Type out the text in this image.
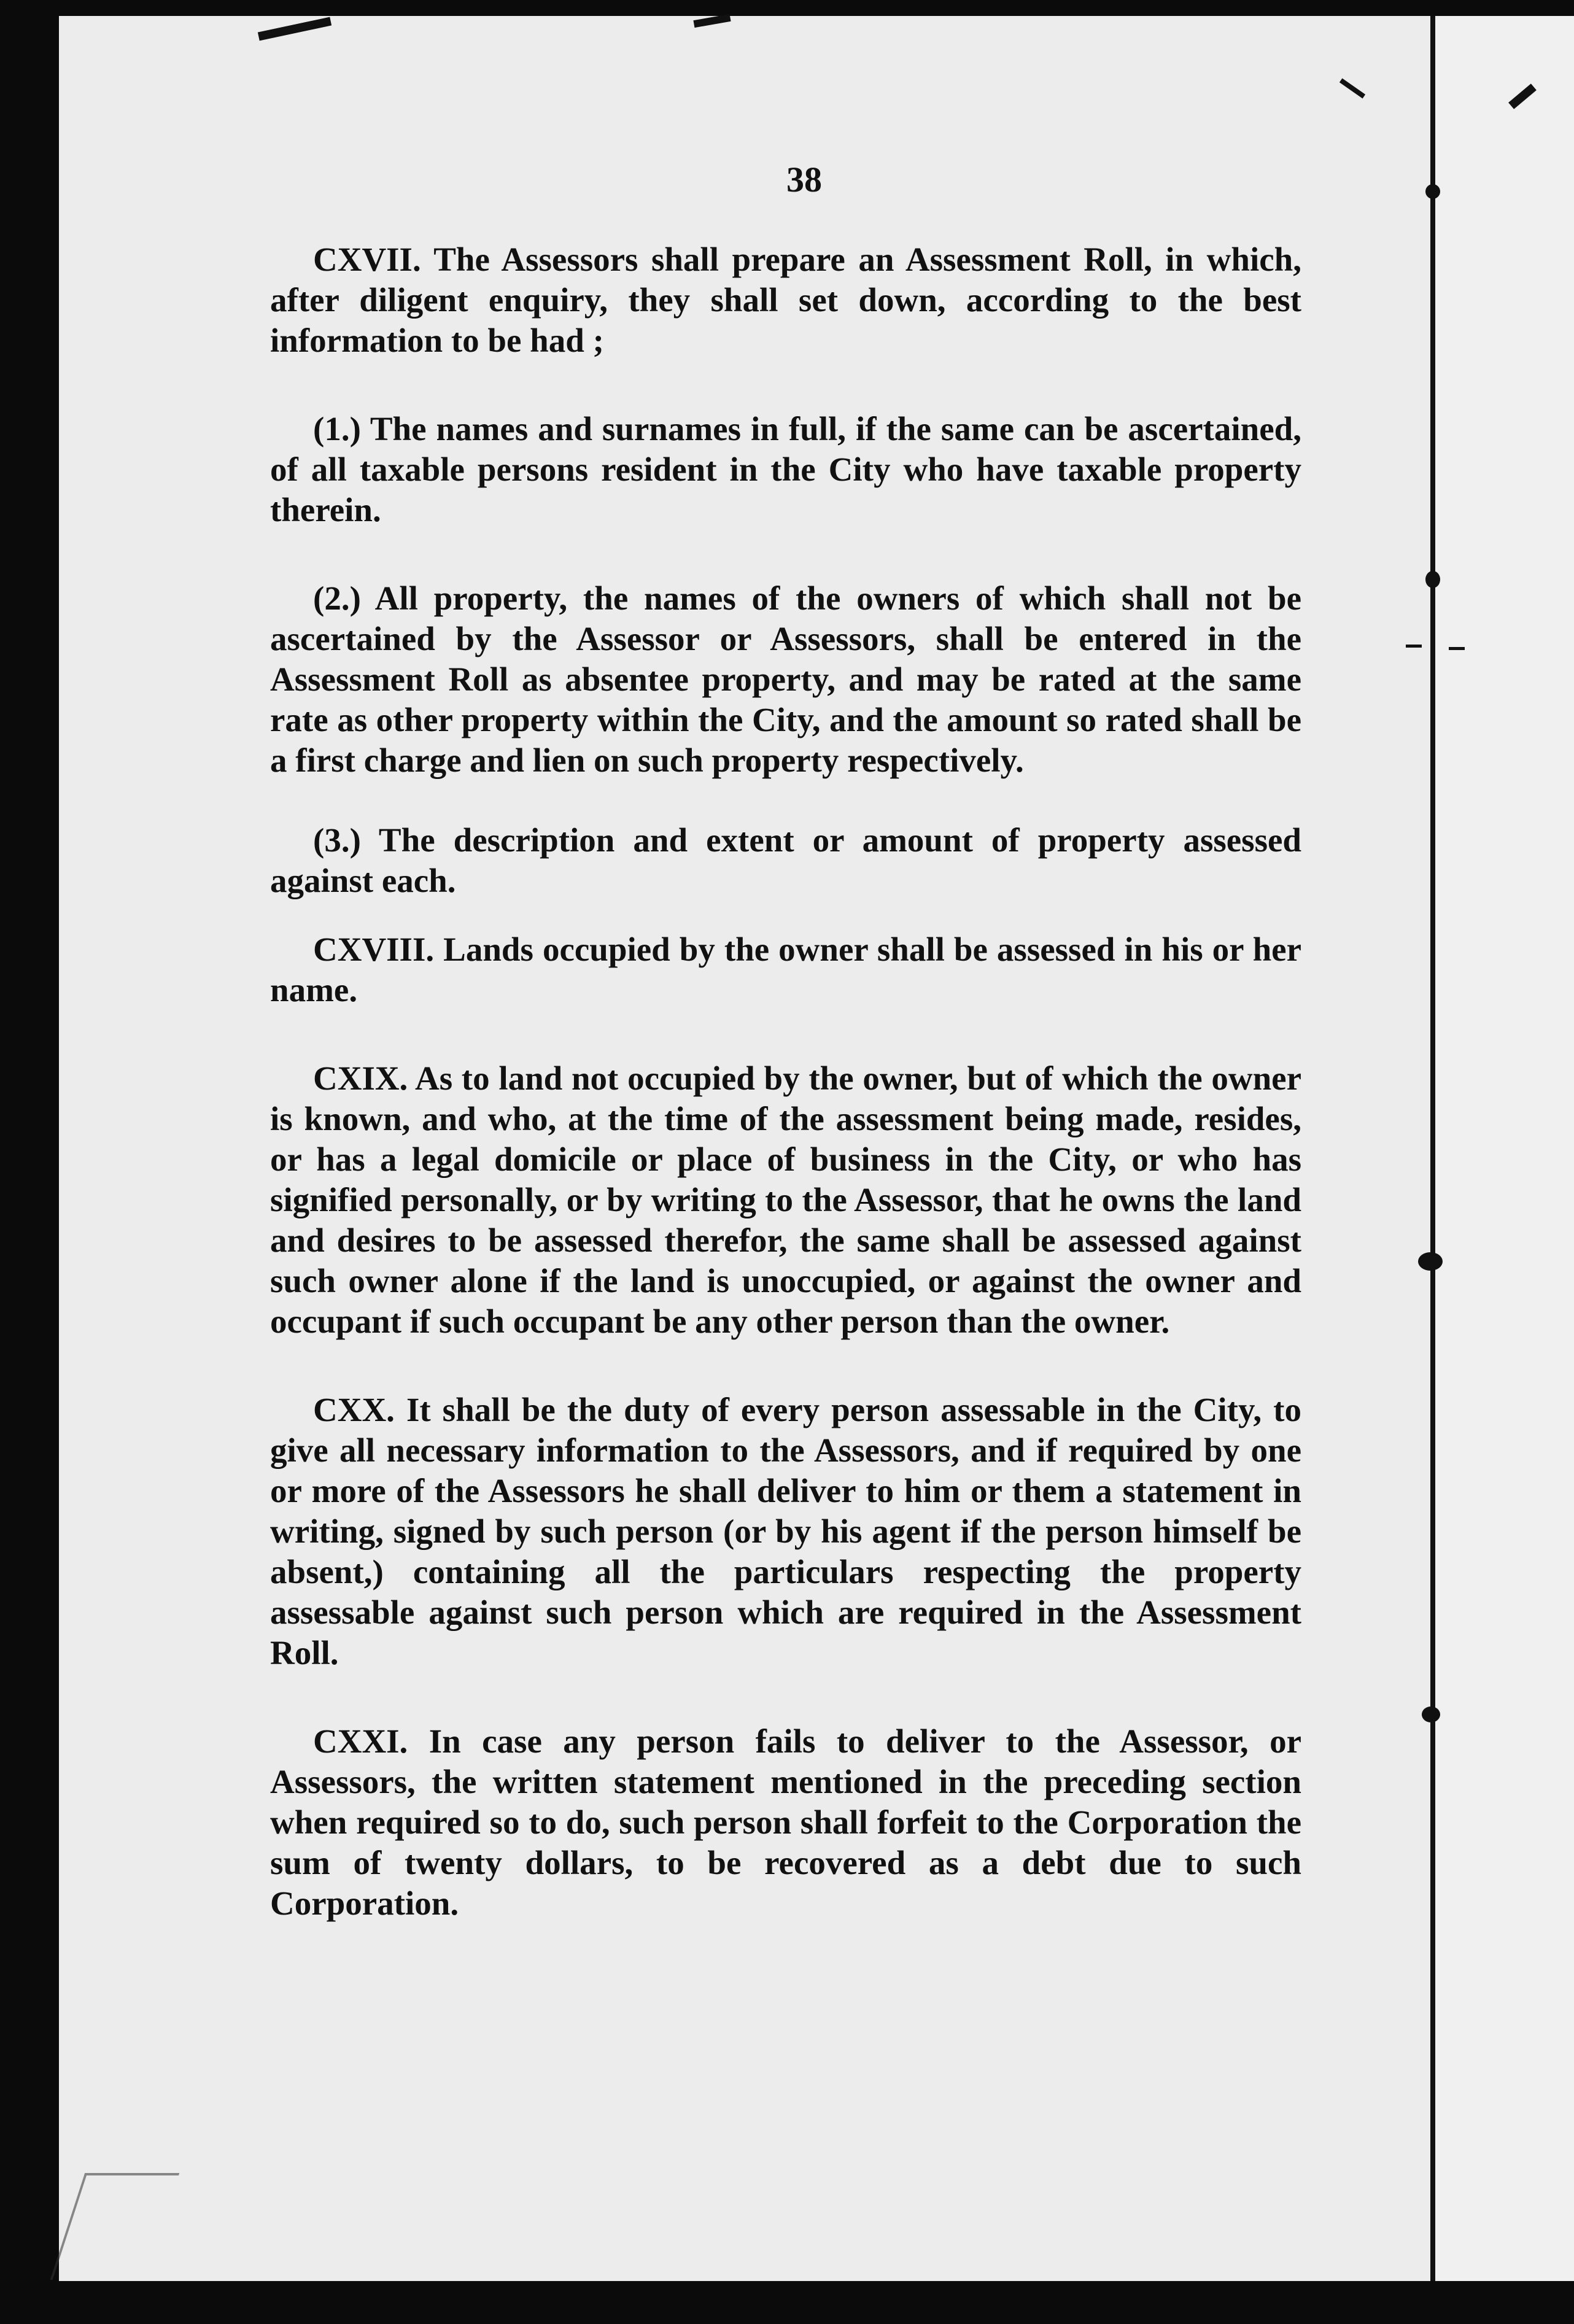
38

CXVII. The Assessors shall prepare an Assessment Roll, in which, after diligent enquiry, they shall set down, according to the best information to be had ;

(1.) The names and surnames in full, if the same can be ascertained, of all taxable persons resident in the City who have taxable property therein.

(2.) All property, the names of the owners of which shall not be ascertained by the Assessor or Assessors, shall be entered in the Assessment Roll as absentee property, and may be rated at the same rate as other property within the City, and the amount so rated shall be a first charge and lien on such property respectively.

(3.) The description and extent or amount of property assessed against each.

CXVIII. Lands occupied by the owner shall be assessed in his or her name.

CXIX. As to land not occupied by the owner, but of which the owner is known, and who, at the time of the assessment being made, resides, or has a legal domicile or place of business in the City, or who has signified personally, or by writing to the Assessor, that he owns the land and desires to be assessed therefor, the same shall be assessed against such owner alone if the land is unoccupied, or against the owner and occupant if such occupant be any other person than the owner.

CXX. It shall be the duty of every person assessable in the City, to give all necessary information to the Assessors, and if required by one or more of the Assessors he shall deliver to him or them a statement in writing, signed by such person (or by his agent if the person himself be absent,) containing all the particulars respecting the property assessable against such person which are required in the Assessment Roll.

CXXI. In case any person fails to deliver to the Assessor, or Assessors, the written statement mentioned in the preceding section when required so to do, such person shall forfeit to the Corporation the sum of twenty dollars, to be recovered as a debt due to such Corporation.
